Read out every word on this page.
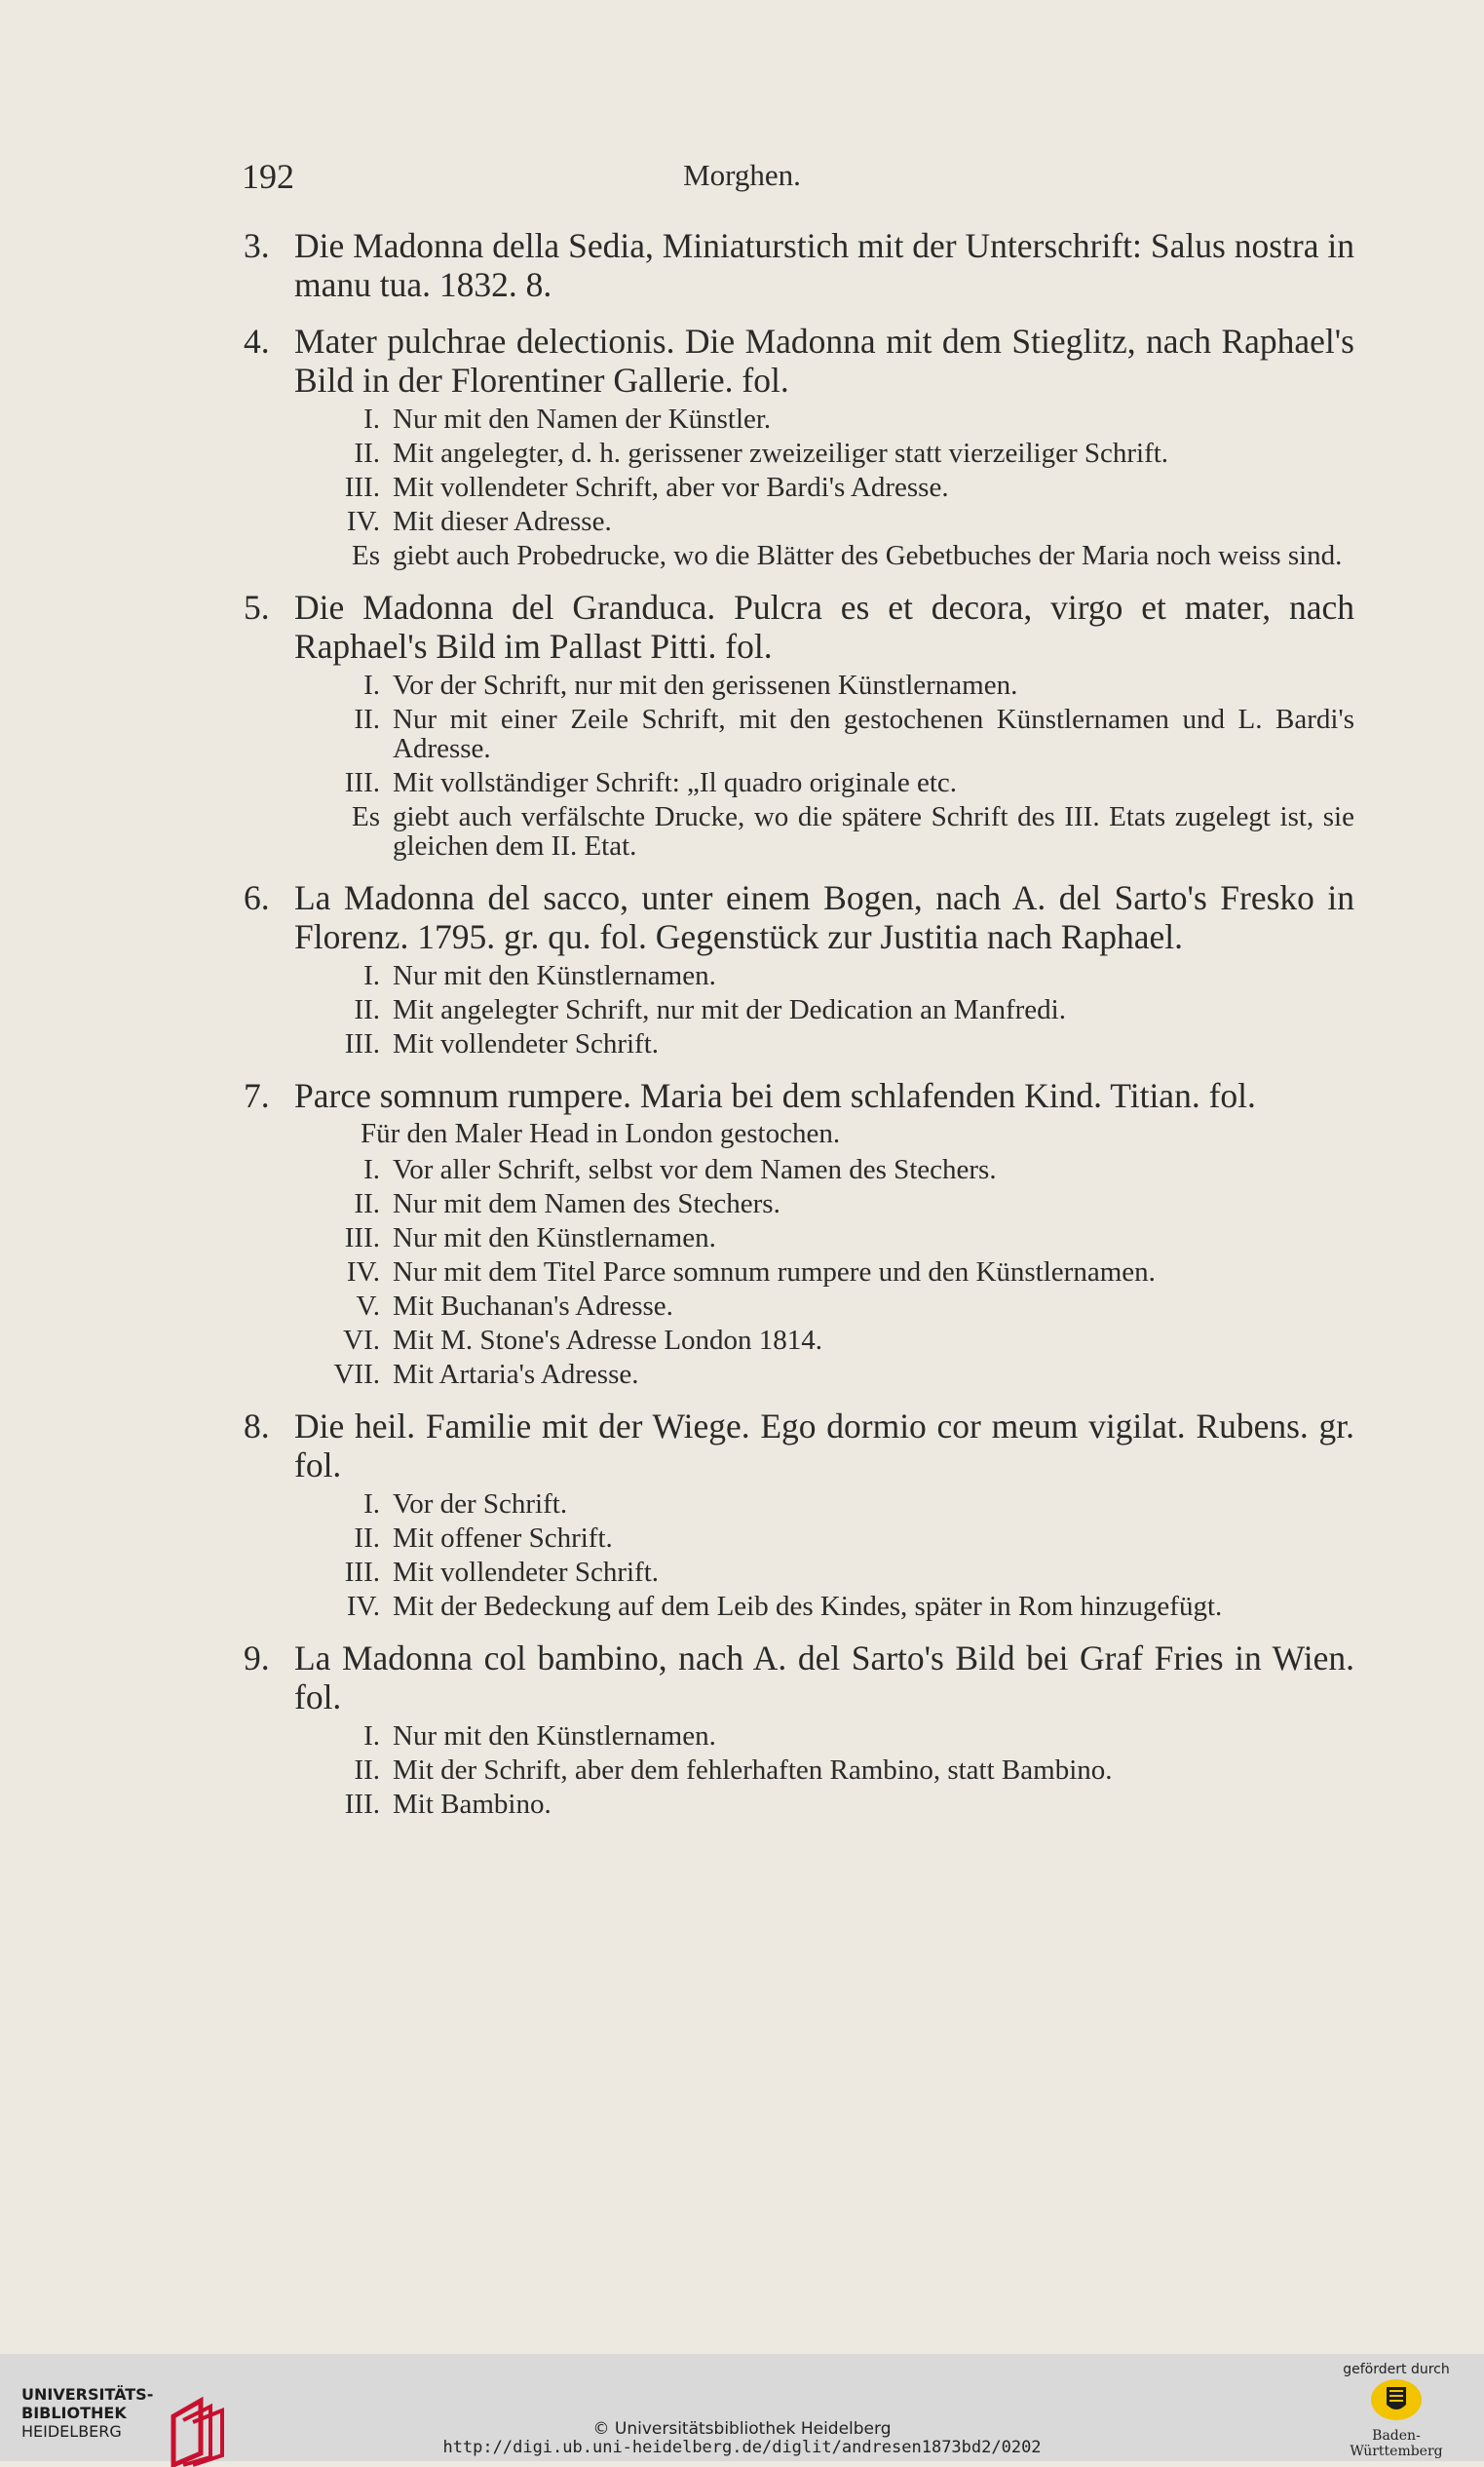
192	Morghen.
3. Die Madonna della Sedia, Miniaturstich mit der Unterschrift: Salus nostra in manu tua. 1832. 8.
4. Mater pulchrae delectionis. Die Madonna mit dem Stieglitz, nach Raphael's Bild in der Florentiner Gallerie. fol.
I. Nur mit den Namen der Künstler.
II. Mit angelegter, d. h. gerissener zweizeiliger statt vierzeiliger Schrift.
III. Mit vollendeter Schrift, aber vor Bardi's Adresse.
IV. Mit dieser Adresse.
Es giebt auch Probedrucke, wo die Blätter des Gebetbuches der Maria noch weiss sind.
5. Die Madonna del Granduca. Pulcra es et decora, virgo et mater, nach Raphael's Bild im Pallast Pitti. fol.
I. Vor der Schrift, nur mit den gerissenen Künstlernamen.
II. Nur mit einer Zeile Schrift, mit den gestochenen Künstlernamen und L. Bardi's Adresse.
III. Mit vollständiger Schrift: „Il quadro originale etc.
Es giebt auch verfälschte Drucke, wo die spätere Schrift des III. Etats zugelegt ist, sie gleichen dem II. Etat.
6. La Madonna del sacco, unter einem Bogen, nach A. del Sarto's Fresko in Florenz. 1795. gr. qu. fol. Gegenstück zur Justitia nach Raphael.
I. Nur mit den Künstlernamen.
II. Mit angelegter Schrift, nur mit der Dedication an Manfredi.
III. Mit vollendeter Schrift.
7. Parce somnum rumpere. Maria bei dem schlafenden Kind. Titian. fol.
Für den Maler Head in London gestochen.
I. Vor aller Schrift, selbst vor dem Namen des Stechers.
II. Nur mit dem Namen des Stechers.
III. Nur mit den Künstlernamen.
IV. Nur mit dem Titel Parce somnum rumpere und den Künstlernamen.
V. Mit Buchanan's Adresse.
VI. Mit M. Stone's Adresse London 1814.
VII. Mit Artaria's Adresse.
8. Die heil. Familie mit der Wiege. Ego dormio cor meum vigilat. Rubens. gr. fol.
I. Vor der Schrift.
II. Mit offener Schrift.
III. Mit vollendeter Schrift.
IV. Mit der Bedeckung auf dem Leib des Kindes, später in Rom hinzugefügt.
9. La Madonna col bambino, nach A. del Sarto's Bild bei Graf Fries in Wien. fol.
I. Nur mit den Künstlernamen.
II. Mit der Schrift, aber dem fehlerhaften Rambino, statt Bambino.
III. Mit Bambino.
UNIVERSITÄTS-
BIBLIOTHEK
HEIDELBERG	© Universitätsbibliothek Heidelberg
http://digi.ub.uni-heidelberg.de/diglit/andresen1873bd2/0202
gefördert durch
Baden-Württemberg
